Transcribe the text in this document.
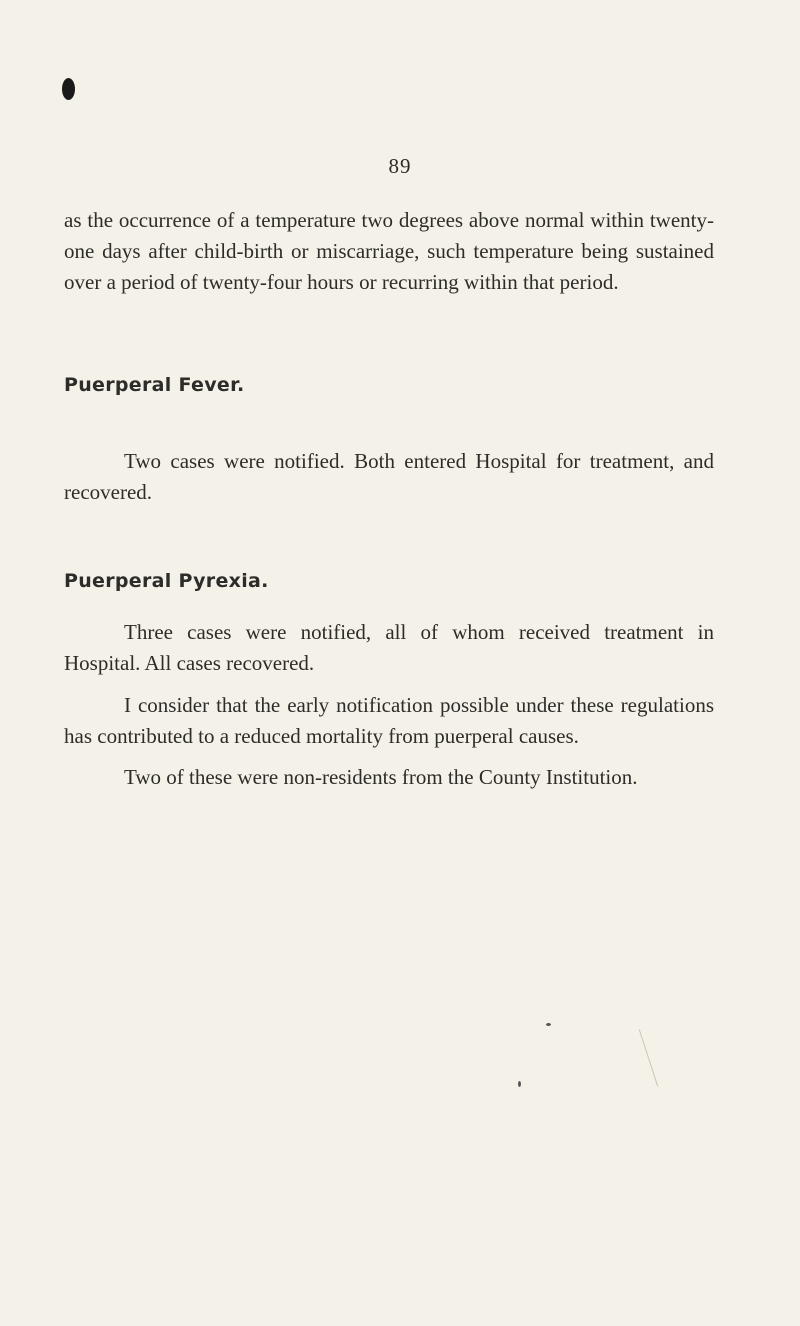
89

as the occurrence of a temperature two degrees above normal within twenty-one days after child-birth or miscarriage, such temperature being sustained over a period of twenty-four hours or recurring within that period.

Puerperal Fever.

Two cases were notified. Both entered Hospital for treatment, and recovered.

Puerperal Pyrexia.

Three cases were notified, all of whom received treatment in Hospital. All cases recovered.

I consider that the early notification possible under these regulations has contributed to a reduced mortality from puerperal causes.

Two of these were non-residents from the County Institution.
